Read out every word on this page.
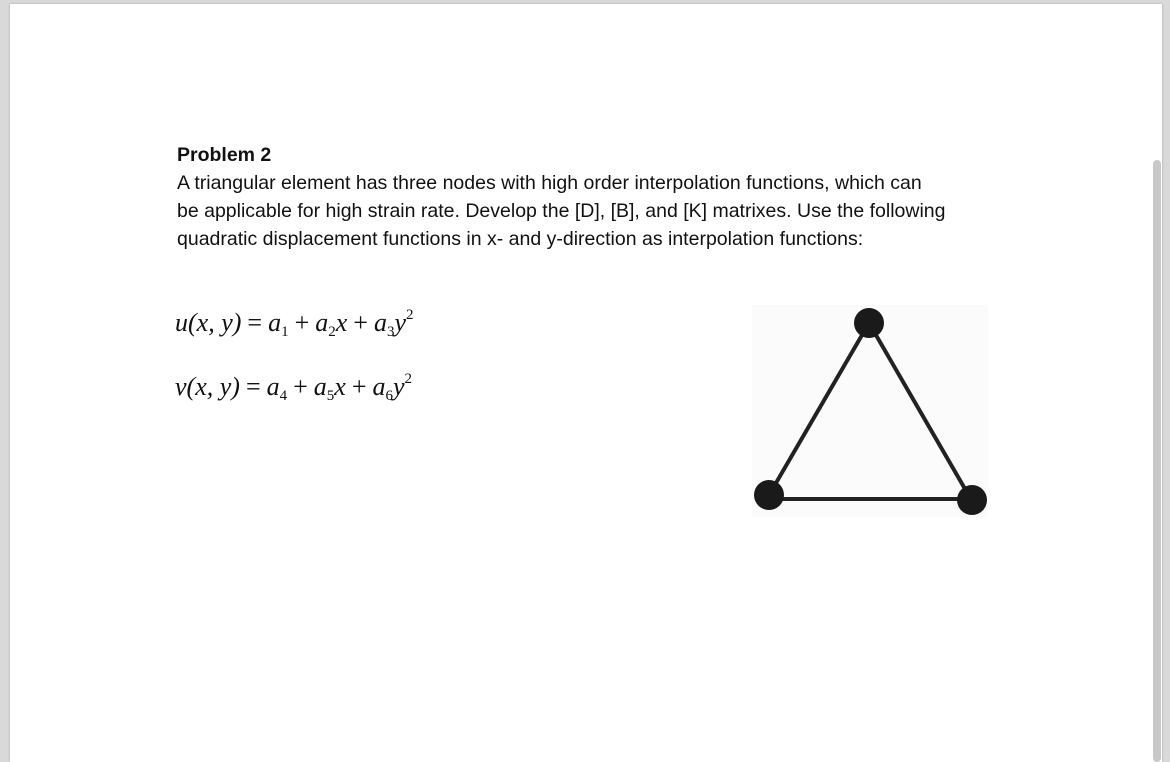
Problem 2

A triangular element has three nodes with high order interpolation functions, which can
be applicable for high strain rate. Develop the [D], [B], and [K] matrixes. Use the following
quadratic displacement functions in x- and y-direction as interpolation functions:

u(x, $y) = a_1 + a_2x + a_3y^2$
v(x, $y) = a_4 + a_5x + a_6y^2$
